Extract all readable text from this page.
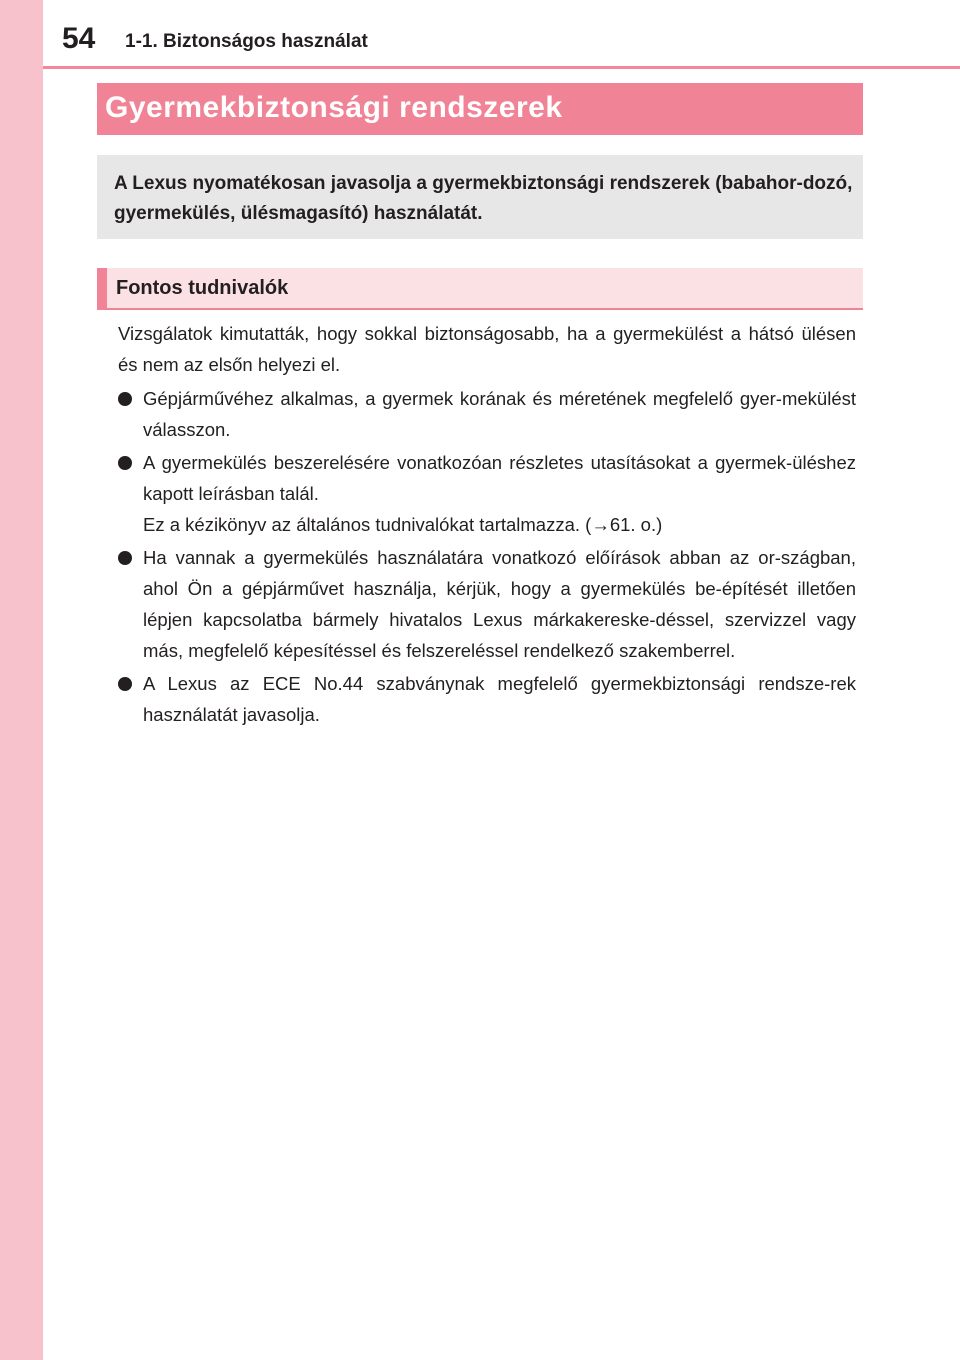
54 1-1. Biztonságos használat
Gyermekbiztonsági rendszerek

A Lexus nyomatékosan javasolja a gyermekbiztonsági rendszerek (babahor-dozó, gyermekülés, ülésmagasító) használatát.

Fontos tudnivalók

Vizsgálatok kimutatták, hogy sokkal biztonságosabb, ha a gyermekülést a hátsó ülésen és nem az elsőn helyezi el.

Gépjárművéhez alkalmas, a gyermek korának és méretének megfelelő gyer-mekülést válasszon.
A gyermekülés beszerelésére vonatkozóan részletes utasításokat a gyermek-üléshez kapott leírásban talál.
Ez a kézikönyv az általános tudnivalókat tartalmazza. (→61. o.)
Ha vannak a gyermekülés használatára vonatkozó előírások abban az or-szágban, ahol Ön a gépjárművet használja, kérjük, hogy a gyermekülés be-építését illetően lépjen kapcsolatba bármely hivatalos Lexus márkakereske-déssel, szervizzel vagy más, megfelelő képesítéssel és felszereléssel rendelkező szakemberrel.
A Lexus az ECE No.44 szabványnak megfelelő gyermekbiztonsági rendsze-rek használatát javasolja.
